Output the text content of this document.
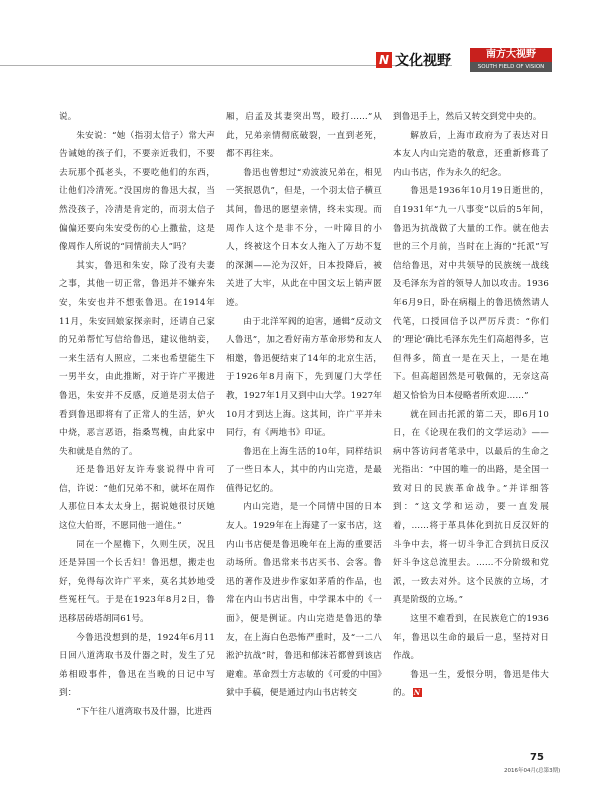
N 文化视野	南方大视野
SOUTH FIELD OF VISION

说。

朱安说：“她（指羽太信子）常大声告诫她的孩子们，不要亲近我们，不要去玩那个孤老头，不要吃他们的东西，让他们冷清死。”没国房的鲁迅大叔，当然没孩子，冷清是肯定的，而羽太信子偏偏还要向朱安受伤的心上撒盐，这是像周作人所说的“同情前夫人”吗？

其实，鲁迅和朱安，除了没有夫妻之事，其他一切正常，鲁迅并不嫌弃朱安，朱安也并不想张鲁迅。在1914年11月，朱安回娘家探亲时，还请自己家的兄弟帮忙写信给鲁迅，建议他纳妾，一来生活有人照应，二来也希望能生下一男半女，由此推断，对于许广平搬进鲁迅，朱安并不反感，反道是羽太信子看到鲁迅即将有了正常人的生活，妒火中烧，恶言恶语，指桑骂槐，由此家中失和就是自然的了。

还是鲁迅好友许寿裳说得中肯可信，许说：“他们兄弟不和，就坏在周作人那位日本太太身上，据说她很讨厌她这位大伯哥，不愿同他一道住。”

同在一个屋檐下，久则生厌，况且还是异国一个长舌妇！鲁迅想，搬走也好，免得每次许广平来，莫名其妙地受些冤枉气。于是在1923年8月2日，鲁迅移居砖塔胡同61号。

今鲁迅没想到的是，1924年6月11日回八道湾取书及什器之时，发生了兄弟相殴事件，鲁迅在当晚的日记中写到：

“下午往八道湾取书及什器，比进西

厢，启孟及其妻突出骂，殴打……”从此，兄弟亲情彻底破裂，一直到老死，都不再往来。

鲁迅也曾想过“劝波波兄弟在，相见一笑抿恩仇”，但是，一个羽太信子横亘其间，鲁迅的愿望亲情，终未实现。而周作人这个是非不分，一叶障目的小人，终被这个日本女人拖入了万劫不复的深渊——沦为汉奸，日本投降后，被关进了大牢，从此在中国文坛上销声匿迹。

由于北洋军阀的迫害，通辑“反动文人鲁迅”，加之看好南方革命形势和友人相邀，鲁迅便结束了14年的北京生活，于1926年8月南下，先到厦门大学任教，1927年1月又到中山大学。1927年10月才到达上海。这其间，许广平并未同行，有《两地书》印证。

鲁迅在上海生活的10年，同样结识了一些日本人，其中的内山完造，是最值得记忆的。

内山完造，是一个同情中国的日本友人。1929年在上海建了一家书店，这内山书店便是鲁迅晚年在上海的重要活动场所。鲁迅常来书店买书、会客。鲁迅的著作及进步作家如茅盾的作品，也常在内山书店出售，中学课本中的《一面》，便是例证。内山完造是鲁迅的挚友，在上海白色恐怖严重时，及“一二八淞沪抗战”时，鲁迅和郁沫若都曾到该店避难。革命烈士方志敏的《可爱的中国》狱中手稿，便是通过内山书店转交

到鲁迅手上，然后又转交到党中央的。

解放后，上海市政府为了表达对日本友人内山完造的敬意，还重新修葺了内山书店，作为永久的纪念。

鲁迅是1936年10月19日逝世的，自1931年“九一八事变”以后的5年间，鲁迅为抗战做了大量的工作。就在他去世的三个月前，当时在上海的“托派”写信给鲁迅，对中共领导的民族统一战线及毛泽东为首的领导人加以攻击。1936年6月9日，卧在病榻上的鲁迅愤然请人代笔，口授回信予以严厉斥责：“你们的‘理论’确比毛泽东先生们高超得多，岂但得多，简直一是在天上，一是在地下。但高超固然是可敬佩的，无奈这高超又恰恰为日本侵略者所欢迎……”

就在回击托派的第二天，即6月10日，在《论现在我们的文学运动》——病中答访问者笔录中，以最后的生命之光指出：“中国的唯一的出路，是全国一致对日的民族革命战争。”并详细答到：“这文学和运动，要一直发展着，……将于革具体化到抗日反汉奸的斗争中去，将一切斗争汇合到抗日反汉奸斗争这总流里去。……不分阶级和党派，一致去对外。这个民族的立场，才真是阶级的立场。”

这里不难看到，在民族危亡的1936年，鲁迅以生命的最后一息，坚持对日作战。

鲁迅一生，爱恨分明，鲁迅是伟大的。 N

75
2016年04月(总第3期)
